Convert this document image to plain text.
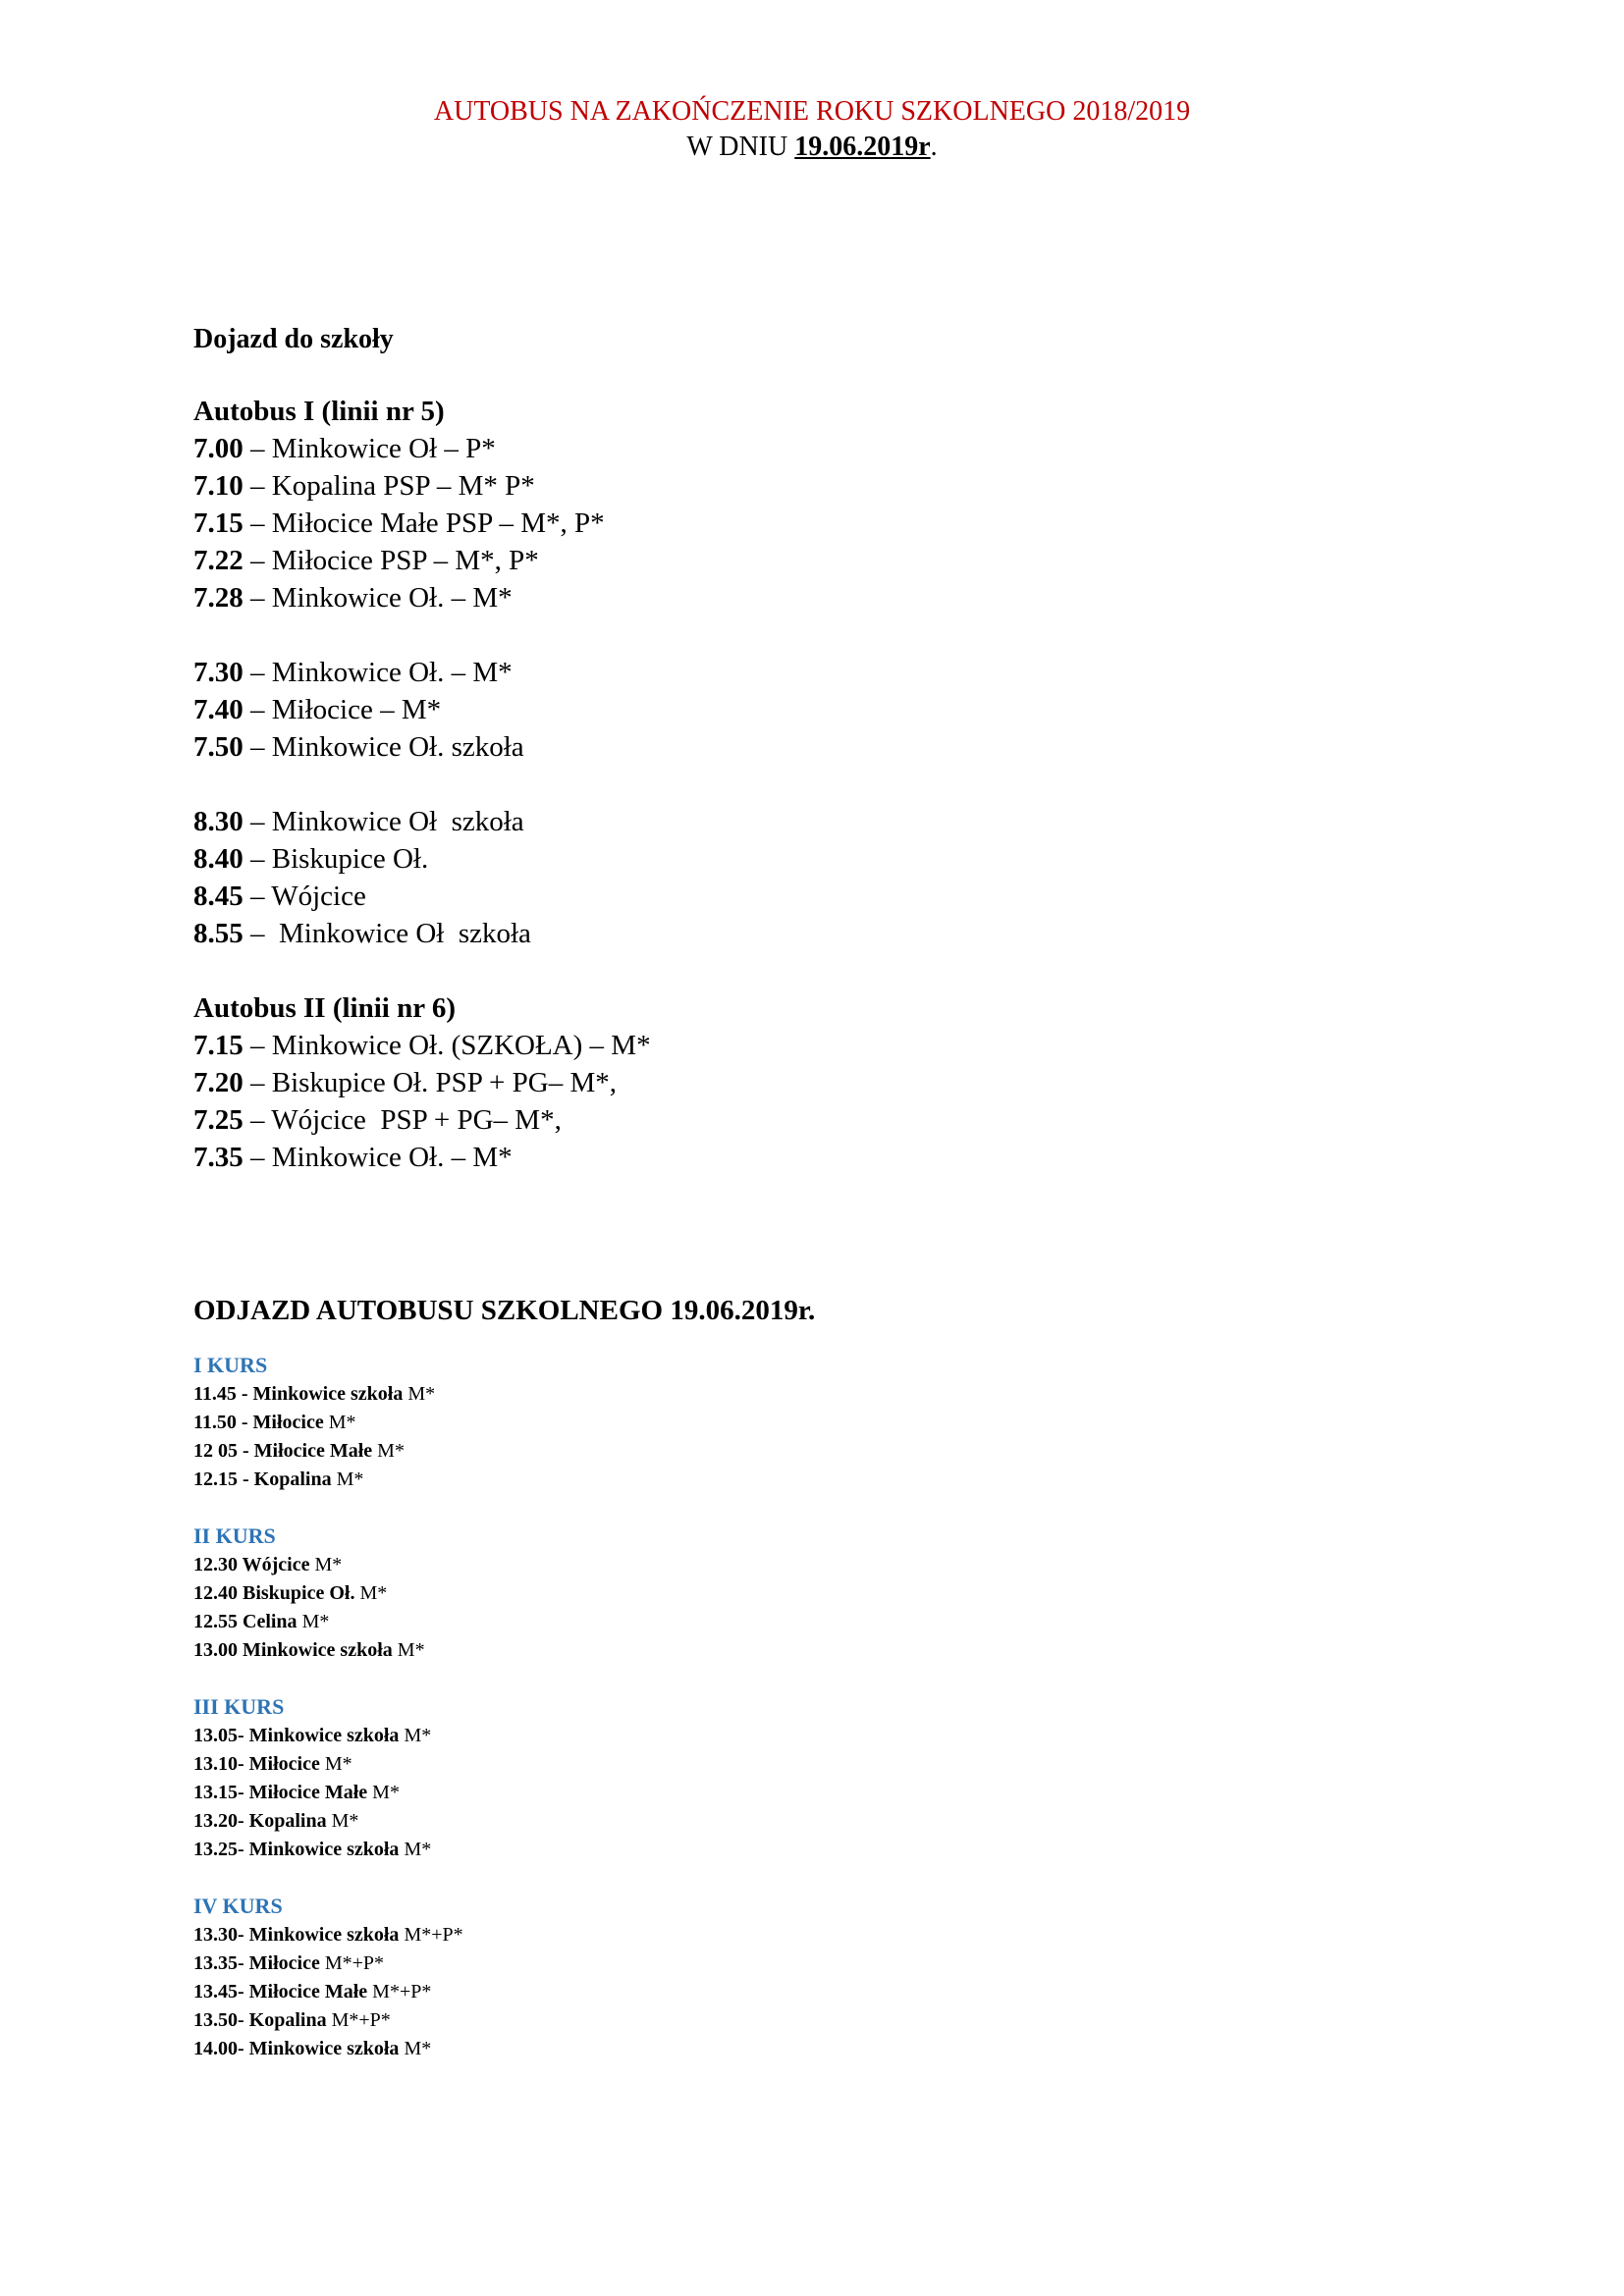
AUTOBUS NA ZAKOŃCZENIE ROKU SZKOLNEGO 2018/2019
W DNIU 19.06.2019r.
Dojazd do szkoły
Autobus I (linii nr 5)
7.00 – Minkowice Oł – P*
7.10 – Kopalina PSP – M* P*
7.15 – Miłocice Małe PSP – M*, P*
7.22 – Miłocice PSP – M*, P*
7.28 – Minkowice Oł. – M*
7.30 – Minkowice Oł. – M*
7.40 – Miłocice – M*
7.50 – Minkowice Oł. szkoła
8.30 – Minkowice Oł  szkoła
8.40 – Biskupice Oł.
8.45 – Wójcice
8.55 –  Minkowice Oł  szkoła
Autobus II (linii nr 6)
7.15 – Minkowice Oł. (SZKOŁA) – M*
7.20 – Biskupice Oł. PSP + PG– M*,
7.25 – Wójcice  PSP + PG– M*,
7.35 – Minkowice Oł. – M*
ODJAZD AUTOBUSU SZKOLNEGO 19.06.2019r.
I KURS
11.45 - Minkowice szkoła M*
11.50 - Miłocice M*
12 05 - Miłocice Małe M*
12.15 - Kopalina M*
II KURS
12.30 Wójcice M*
12.40 Biskupice Oł. M*
12.55 Celina M*
13.00 Minkowice szkoła M*
III KURS
13.05- Minkowice szkoła M*
13.10- Miłocice M*
13.15- Miłocice Małe M*
13.20- Kopalina M*
13.25- Minkowice szkoła M*
IV KURS
13.30- Minkowice szkoła M*+P*
13.35- Miłocice M*+P*
13.45- Miłocice Małe M*+P*
13.50- Kopalina M*+P*
14.00- Minkowice szkoła M*
